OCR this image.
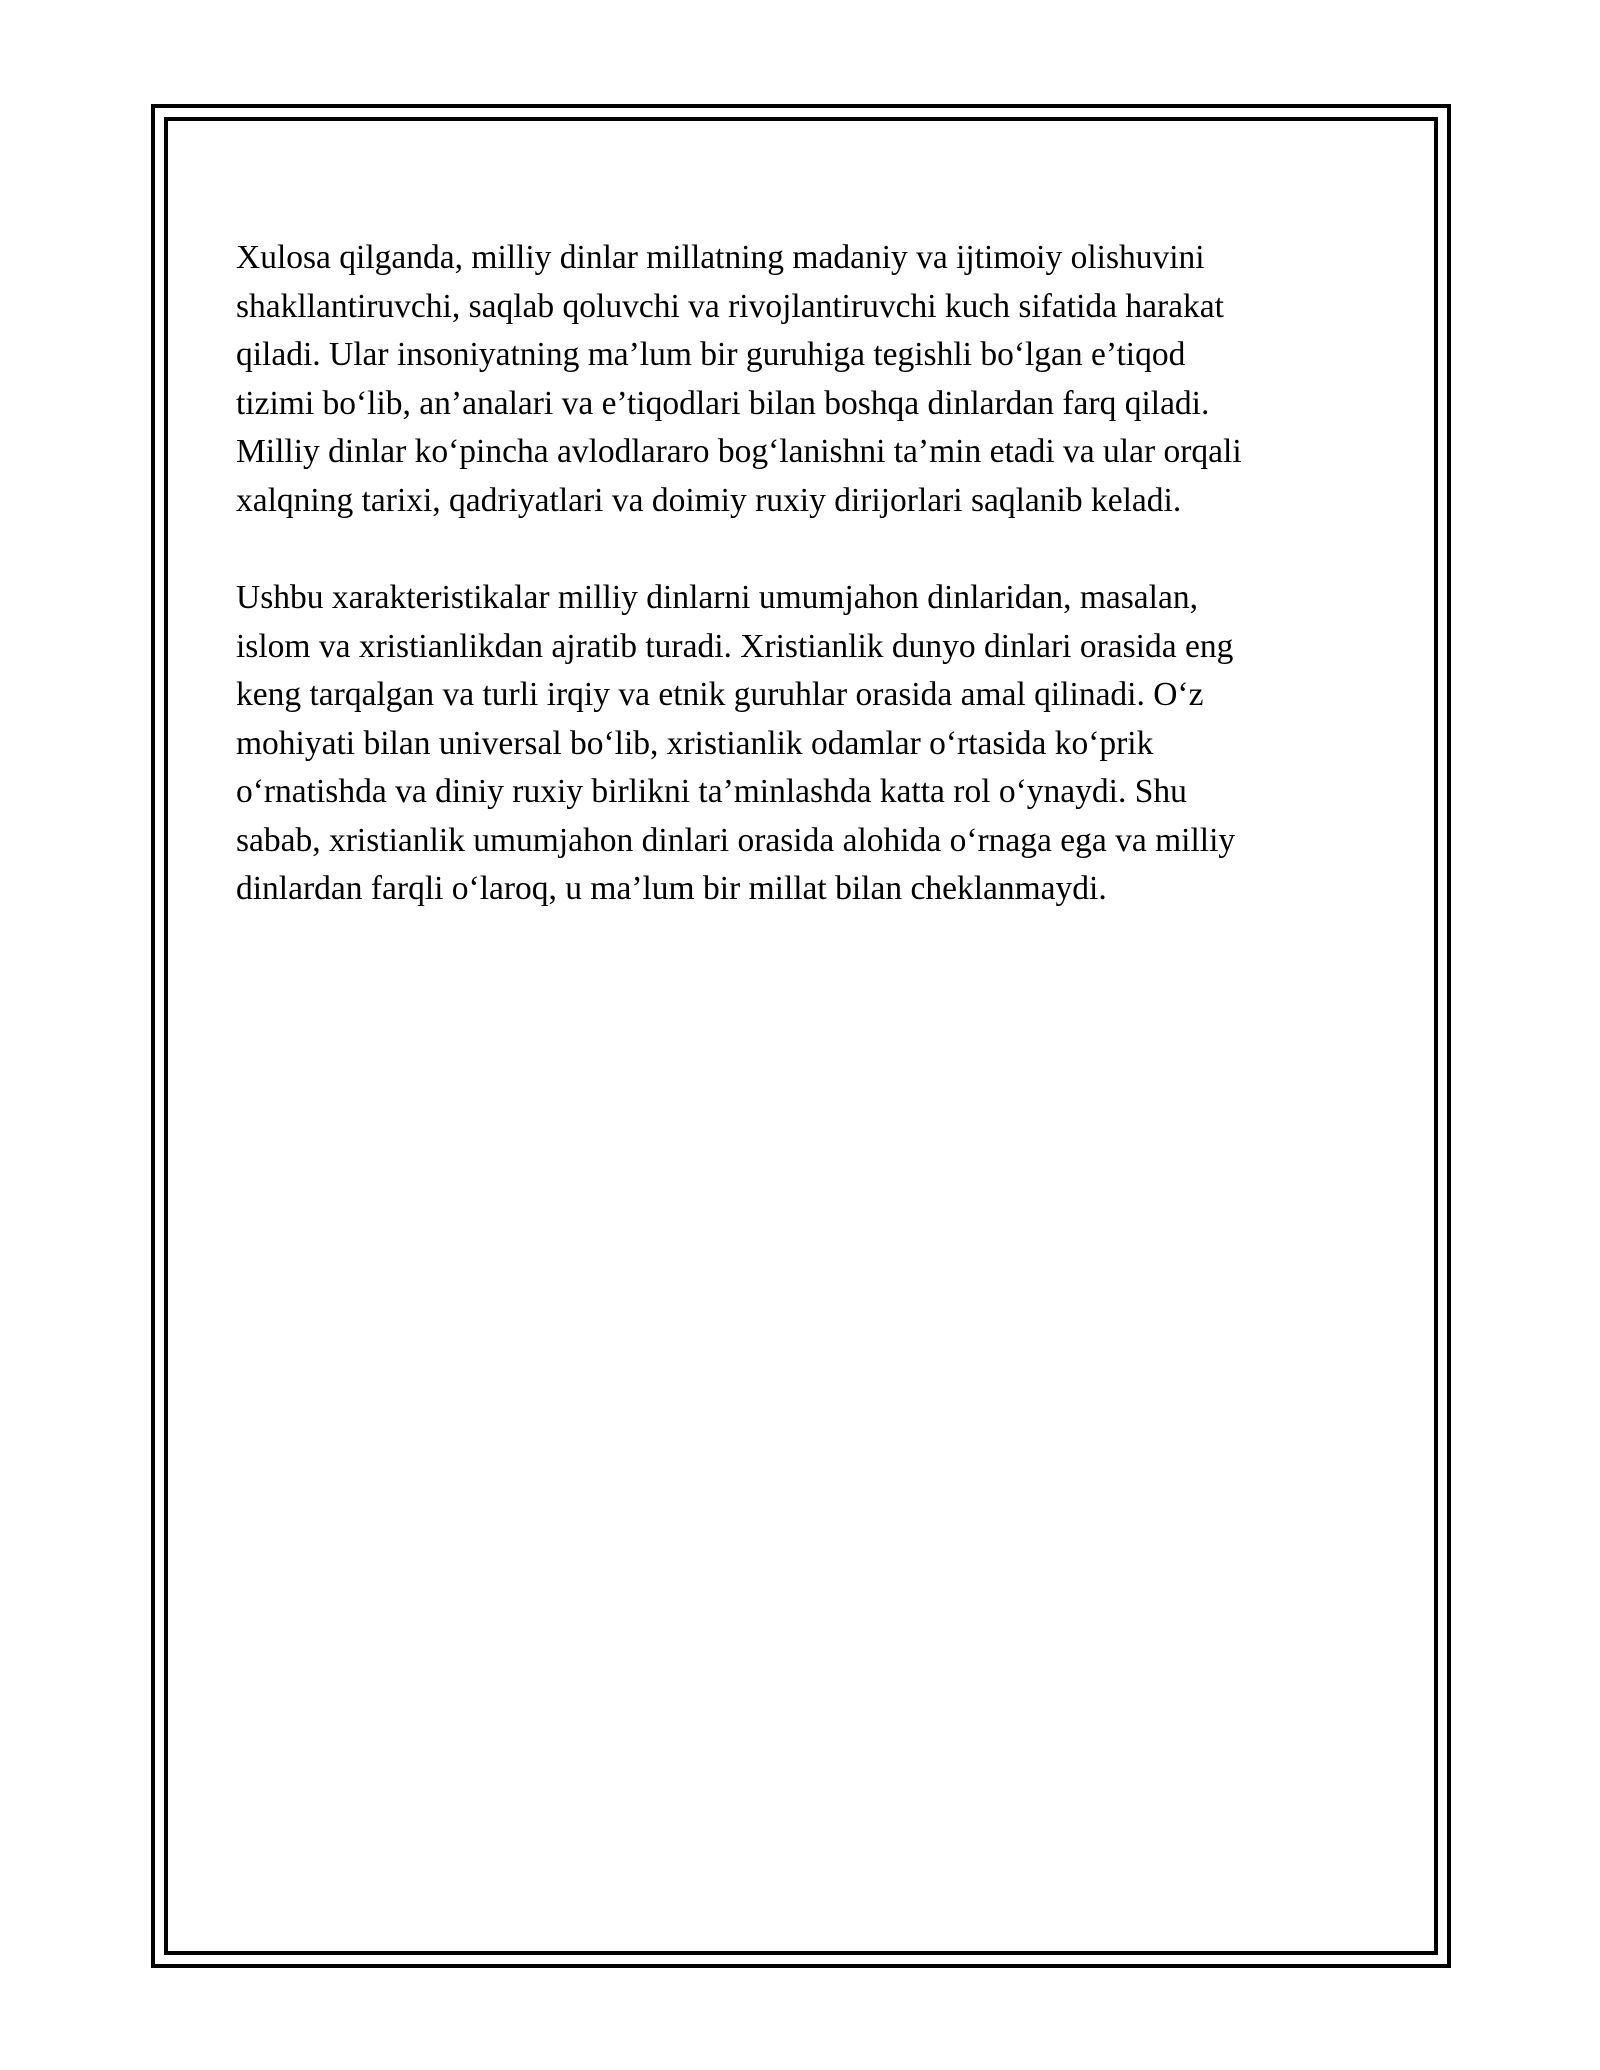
Xulosa qilganda, milliy dinlar millatning madaniy va ijtimoiy olishuvini
shakllantiruvchi, saqlab qoluvchi va rivojlantiruvchi kuch sifatida harakat
qiladi. Ular insoniyatning ma’lum bir guruhiga tegishli bo‘lgan e’tiqod
tizimi bo‘lib, an’analari va e’tiqodlari bilan boshqa dinlardan farq qiladi.
Milliy dinlar ko‘pincha avlodlararo bog‘lanishni ta’min etadi va ular orqali
xalqning tarixi, qadriyatlari va doimiy ruxiy dirijorlari saqlanib keladi.

Ushbu xarakteristikalar milliy dinlarni umumjahon dinlaridan, masalan,
islom va xristianlikdan ajratib turadi. Xristianlik dunyo dinlari orasida eng
keng tarqalgan va turli irqiy va etnik guruhlar orasida amal qilinadi. O‘z
mohiyati bilan universal bo‘lib, xristianlik odamlar o‘rtasida ko‘prik
o‘rnatishda va diniy ruxiy birlikni ta’minlashda katta rol o‘ynaydi. Shu
sabab, xristianlik umumjahon dinlari orasida alohida o‘rnaga ega va milliy
dinlardan farqli o‘laroq, u ma’lum bir millat bilan cheklanmaydi.
